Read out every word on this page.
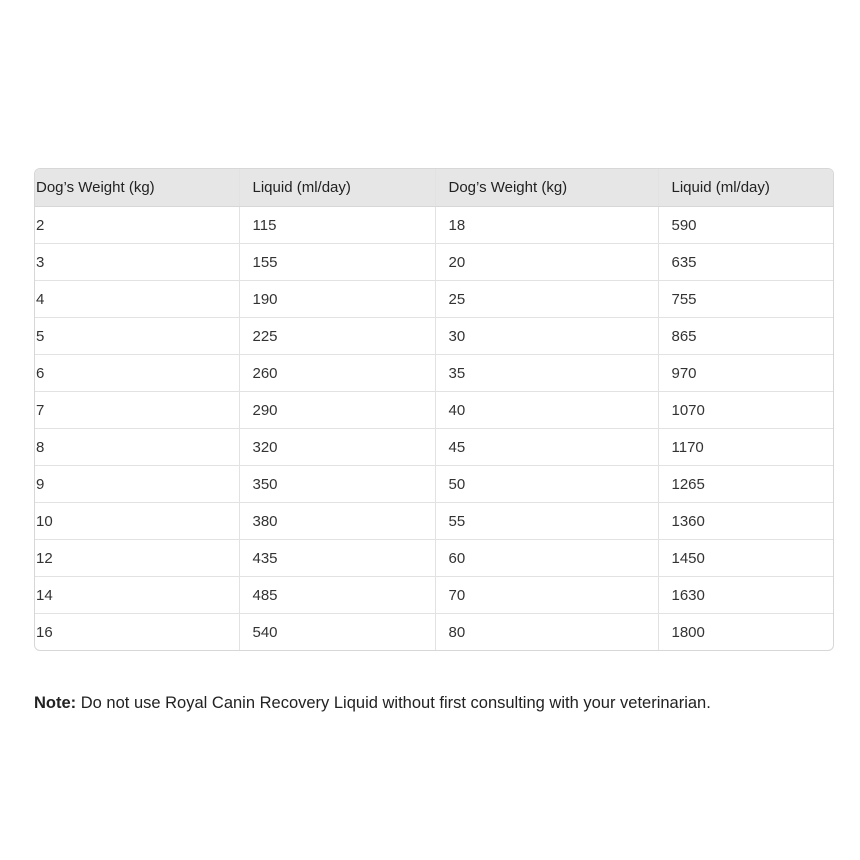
Dog’s Weight (kg)	Liquid (ml/day)	Dog’s Weight (kg)	Liquid (ml/day)
2	115	18	590
3	155	20	635
4	190	25	755
5	225	30	865
6	260	35	970
7	290	40	1070
8	320	45	1170
9	350	50	1265
10	380	55	1360
12	435	60	1450
14	485	70	1630
16	540	80	1800

Note: Do not use Royal Canin Recovery Liquid without first consulting with your veterinarian.
